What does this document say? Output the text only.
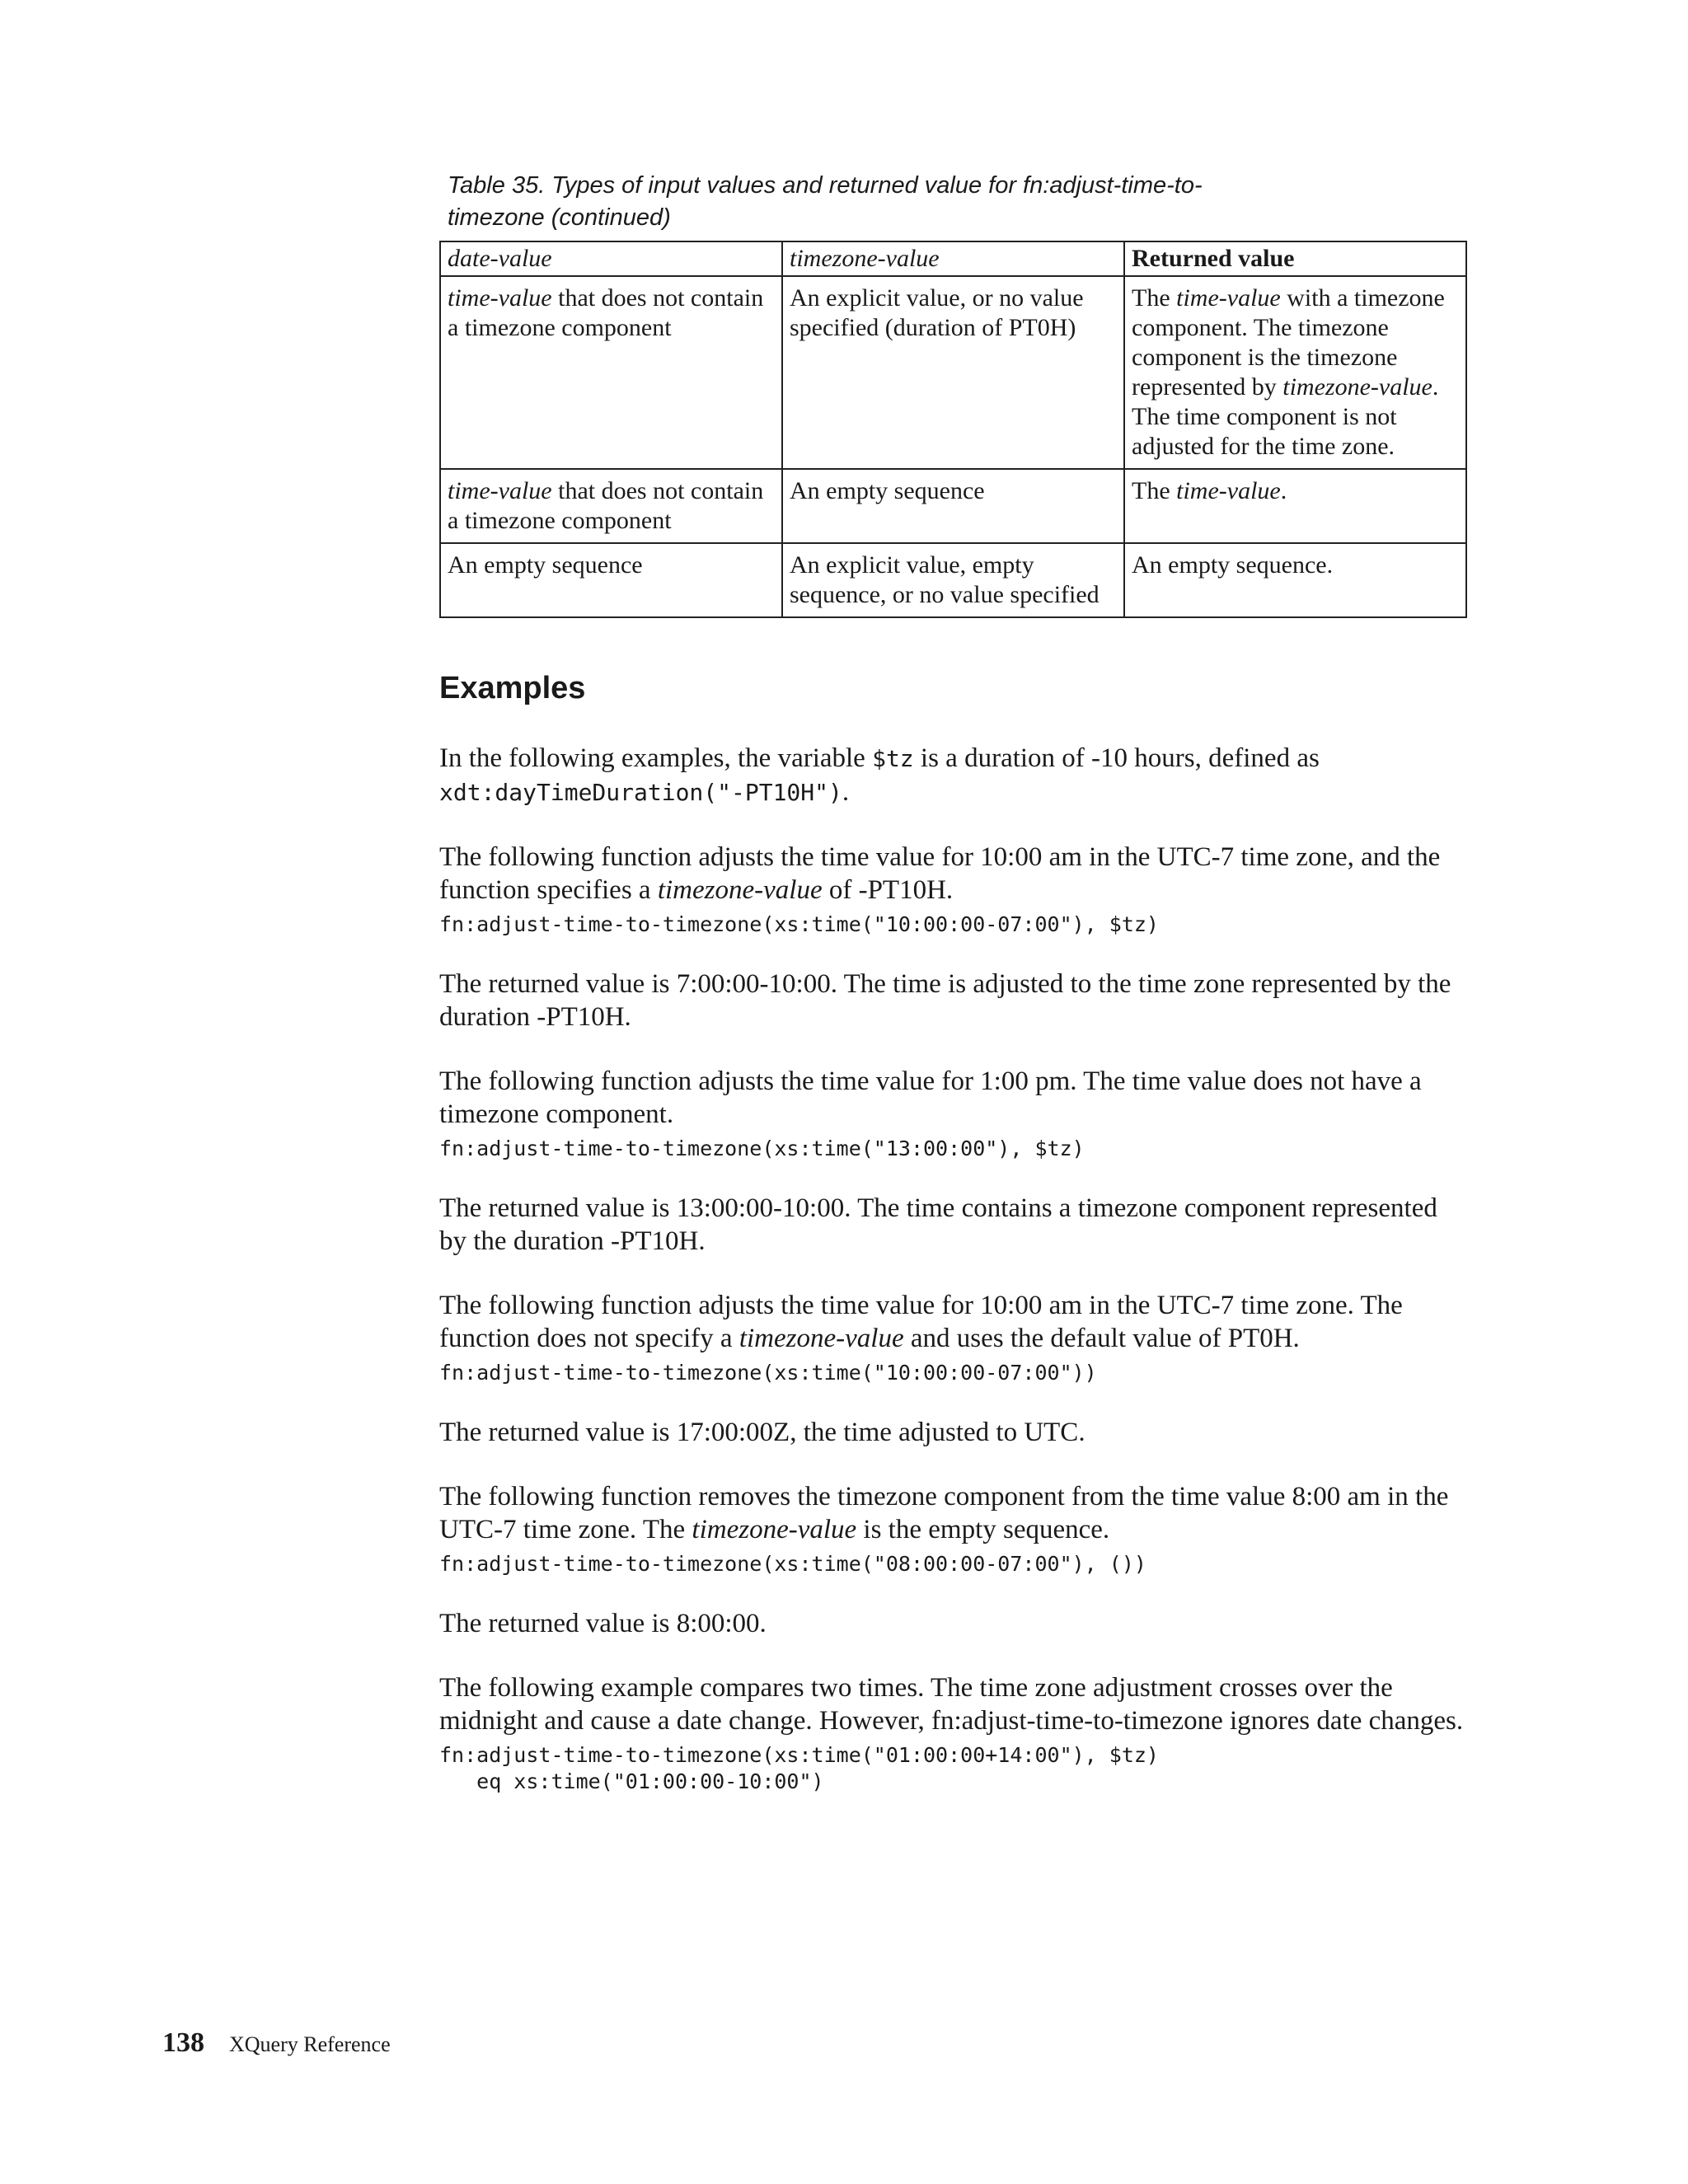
Table 35. Types of input values and returned value for fn:adjust-time-to-timezone (continued)
date-value	timezone-value	Returned value
time-value that does not contain a timezone component	An explicit value, or no value specified (duration of PT0H)	The time-value with a timezone component. The timezone component is the timezone represented by timezone-value. The time component is not adjusted for the time zone.
time-value that does not contain a timezone component	An empty sequence	The time-value.
An empty sequence	An explicit value, empty sequence, or no value specified	An empty sequence.
Examples

In the following examples, the variable $tz is a duration of -10 hours, defined as xdt:dayTimeDuration("-PT10H").

The following function adjusts the time value for 10:00 am in the UTC-7 time zone, and the function specifies a timezone-value of -PT10H.

fn:adjust-time-to-timezone(xs:time("10:00:00-07:00"), $tz)

The returned value is 7:00:00-10:00. The time is adjusted to the time zone represented by the duration -PT10H.

The following function adjusts the time value for 1:00 pm. The time value does not have a timezone component.

fn:adjust-time-to-timezone(xs:time("13:00:00"), $tz)

The returned value is 13:00:00-10:00. The time contains a timezone component represented by the duration -PT10H.

The following function adjusts the time value for 10:00 am in the UTC-7 time zone. The function does not specify a timezone-value and uses the default value of PT0H.

fn:adjust-time-to-timezone(xs:time("10:00:00-07:00"))

The returned value is 17:00:00Z, the time adjusted to UTC.

The following function removes the timezone component from the time value 8:00 am in the UTC-7 time zone. The timezone-value is the empty sequence.

fn:adjust-time-to-timezone(xs:time("08:00:00-07:00"), ())

The returned value is 8:00:00.

The following example compares two times. The time zone adjustment crosses over the midnight and cause a date change. However, fn:adjust-time-to-timezone ignores date changes.

fn:adjust-time-to-timezone(xs:time("01:00:00+14:00"), $tz)
eq xs:time("01:00:00-10:00")
138 XQuery Reference
